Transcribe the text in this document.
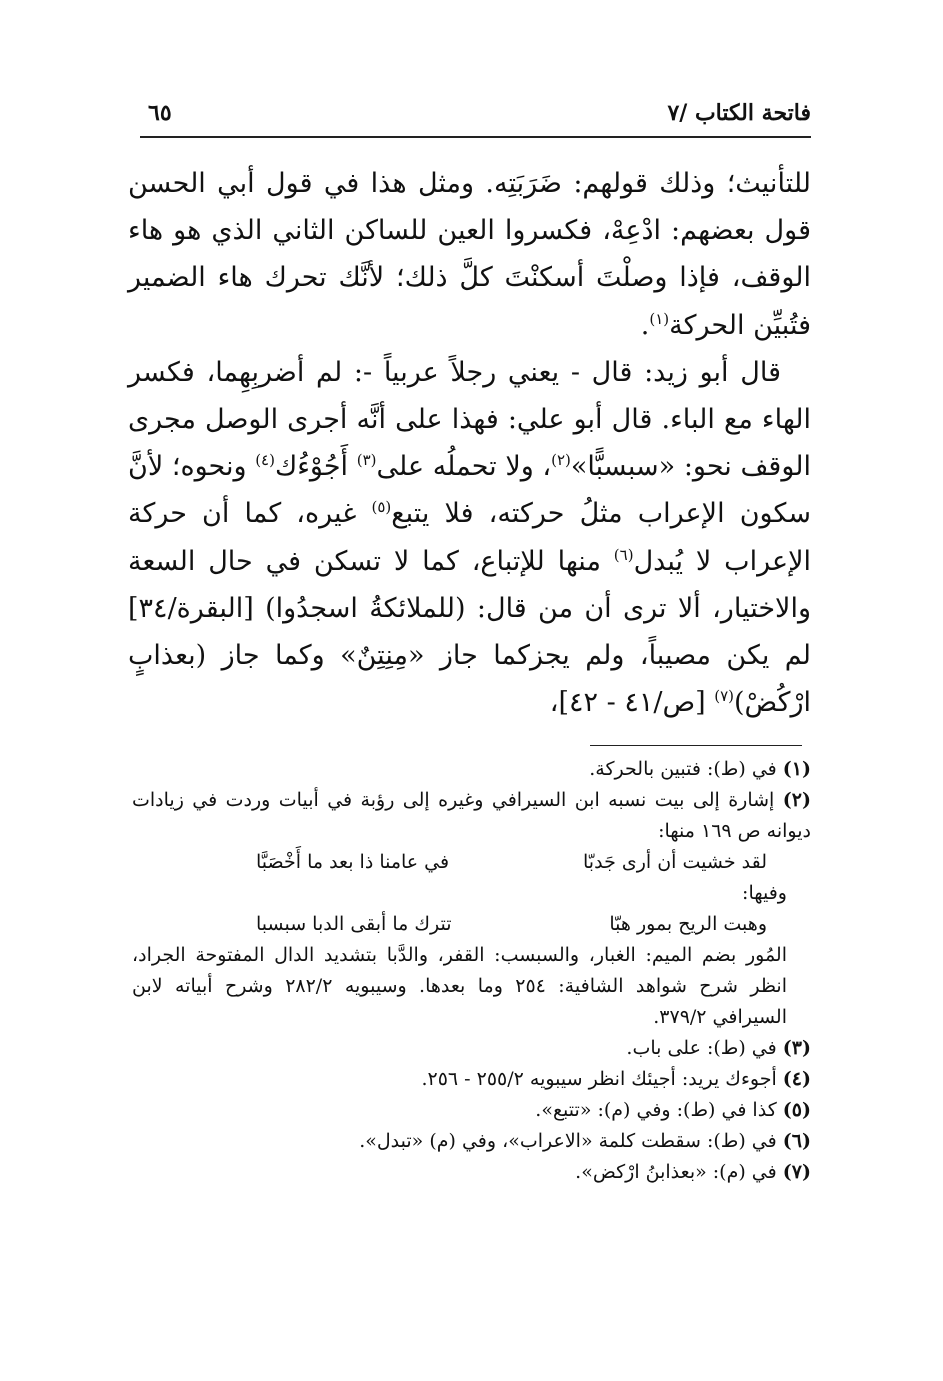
فاتحة الكتاب /٧
٦٥

للتأنيث؛ وذلك قولهم: ضَرَبَتِه. ومثل هذا في قول أبي الحسن قول بعضهم: ادْعِهْ، فكسروا العين للساكن الثاني الذي هو هاء الوقف، فإذا وصلْتَ أسكنْتَ كلَّ ذلك؛ لأنَّك تحرك هاء الضمير فتُبيِّن الحركة$^{(١)}$.

قال أبو زيد: قال - يعني رجلاً عربياً -: لم أضربِهِما، فكسر الهاء مع الباء. قال أبو علي: فهذا على أنَّه أجرى الوصل مجرى الوقف نحو: «سبسبًّا»$^{(٢)}$، ولا تحملُه على$^{(٣)}$ أَجُوْءُك$^{(٤)}$ ونحوه؛ لأنَّ سكون الإعراب مثلُ حركته، فلا يتبع$^{(٥)}$ غيره، كما أن حركة الإعراب لا يُبدل$^{(٦)}$ منها للإتباع، كما لا تسكن في حال السعة والاختيار، ألا ترى أن من قال: (للملائكةُ اسجدُوا) [البقرة/٣٤] لم يكن مصيباً، ولم يجزكما جاز «مِنِتِنٌ» وكما جاز (بعذابٍ ارْكُضْ)$^{(٧)}$ [ص/٤١ - ٤٢]،

(١) في (ط): فتبين بالحركة.

(٢) إشارة إلى بيت نسبه ابن السيرافي وغيره إلى رؤبة في أبيات وردت في زيادات ديوانه ص ١٦٩ منها:
لقد خشيت أن أرى جَدبّا
في عامنا ذا بعد ما أَخْصَبَّا
وفيها:
وهبت الريح بمور هبّا
تترك ما أبقى الدبا سبسبا
المُور بضم الميم: الغبار، والسبسب: القفر، والدَّبا بتشديد الدال المفتوحة الجراد، انظر شرح شواهد الشافية: ٢٥٤ وما بعدها. وسيبويه ٢٨٢/٢ وشرح أبياته لابن السيرافي ٣٧٩/٢.

(٣) في (ط): على باب.

(٤) أجوءك يريد: أجيئك انظر سيبويه ٢٥٥/٢ - ٢٥٦.

(٥) كذا في (ط): وفي (م): «تتبع».

(٦) في (ط): سقطت كلمة «الاعراب»، وفي (م) «تبدل».

(٧) في (م): «بعذابنُ ارْكض».
